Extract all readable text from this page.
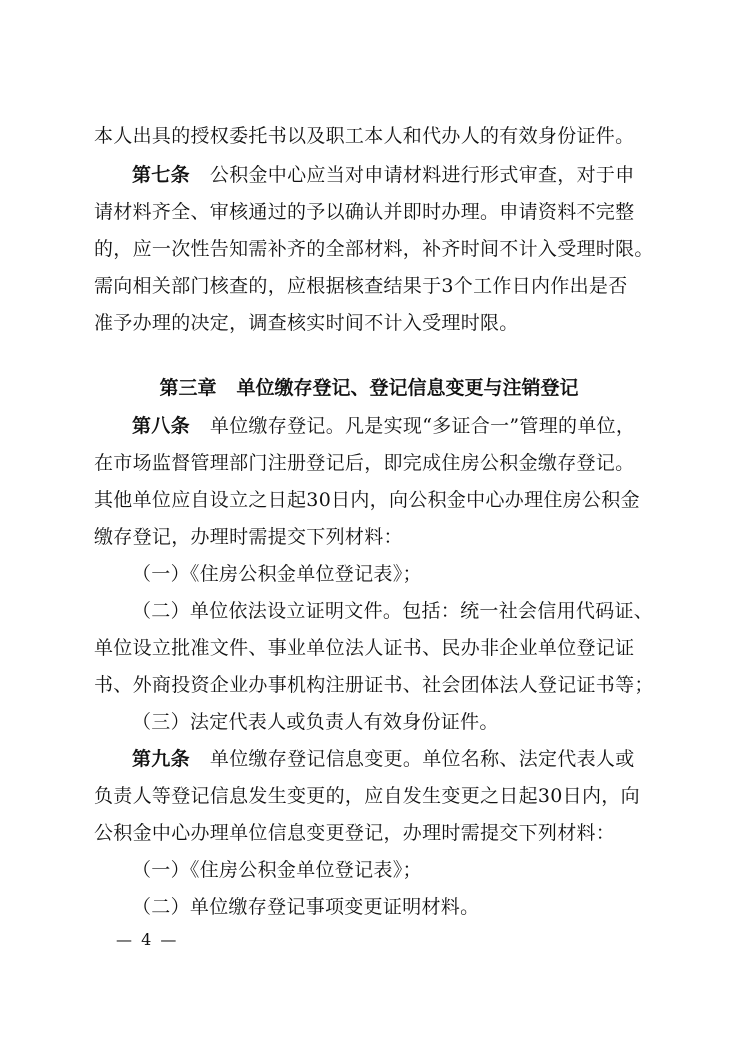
本人出具的授权委托书以及职工本人和代办人的有效身份证件。
第七条 公积金中心应当对申请材料进行形式审查，对于申
请材料齐全、审核通过的予以确认并即时办理。申请资料不完整
的，应一次性告知需补齐的全部材料，补齐时间不计入受理时限。
需向相关部门核查的，应根据核查结果于3个工作日内作出是否
准予办理的决定，调查核实时间不计入受理时限。
第三章 单位缴存登记、登记信息变更与注销登记
第八条 单位缴存登记。凡是实现“多证合一”管理的单位，
在市场监督管理部门注册登记后，即完成住房公积金缴存登记。
其他单位应自设立之日起30日内，向公积金中心办理住房公积金
缴存登记，办理时需提交下列材料：
（一）《住房公积金单位登记表》；
（二）单位依法设立证明文件。包括：统一社会信用代码证、
单位设立批准文件、事业单位法人证书、民办非企业单位登记证
书、外商投资企业办事机构注册证书、社会团体法人登记证书等；
（三）法定代表人或负责人有效身份证件。
第九条 单位缴存登记信息变更。单位名称、法定代表人或
负责人等登记信息发生变更的，应自发生变更之日起30日内，向
公积金中心办理单位信息变更登记，办理时需提交下列材料：
（一）《住房公积金单位登记表》；
（二）单位缴存登记事项变更证明材料。
— 4 —
